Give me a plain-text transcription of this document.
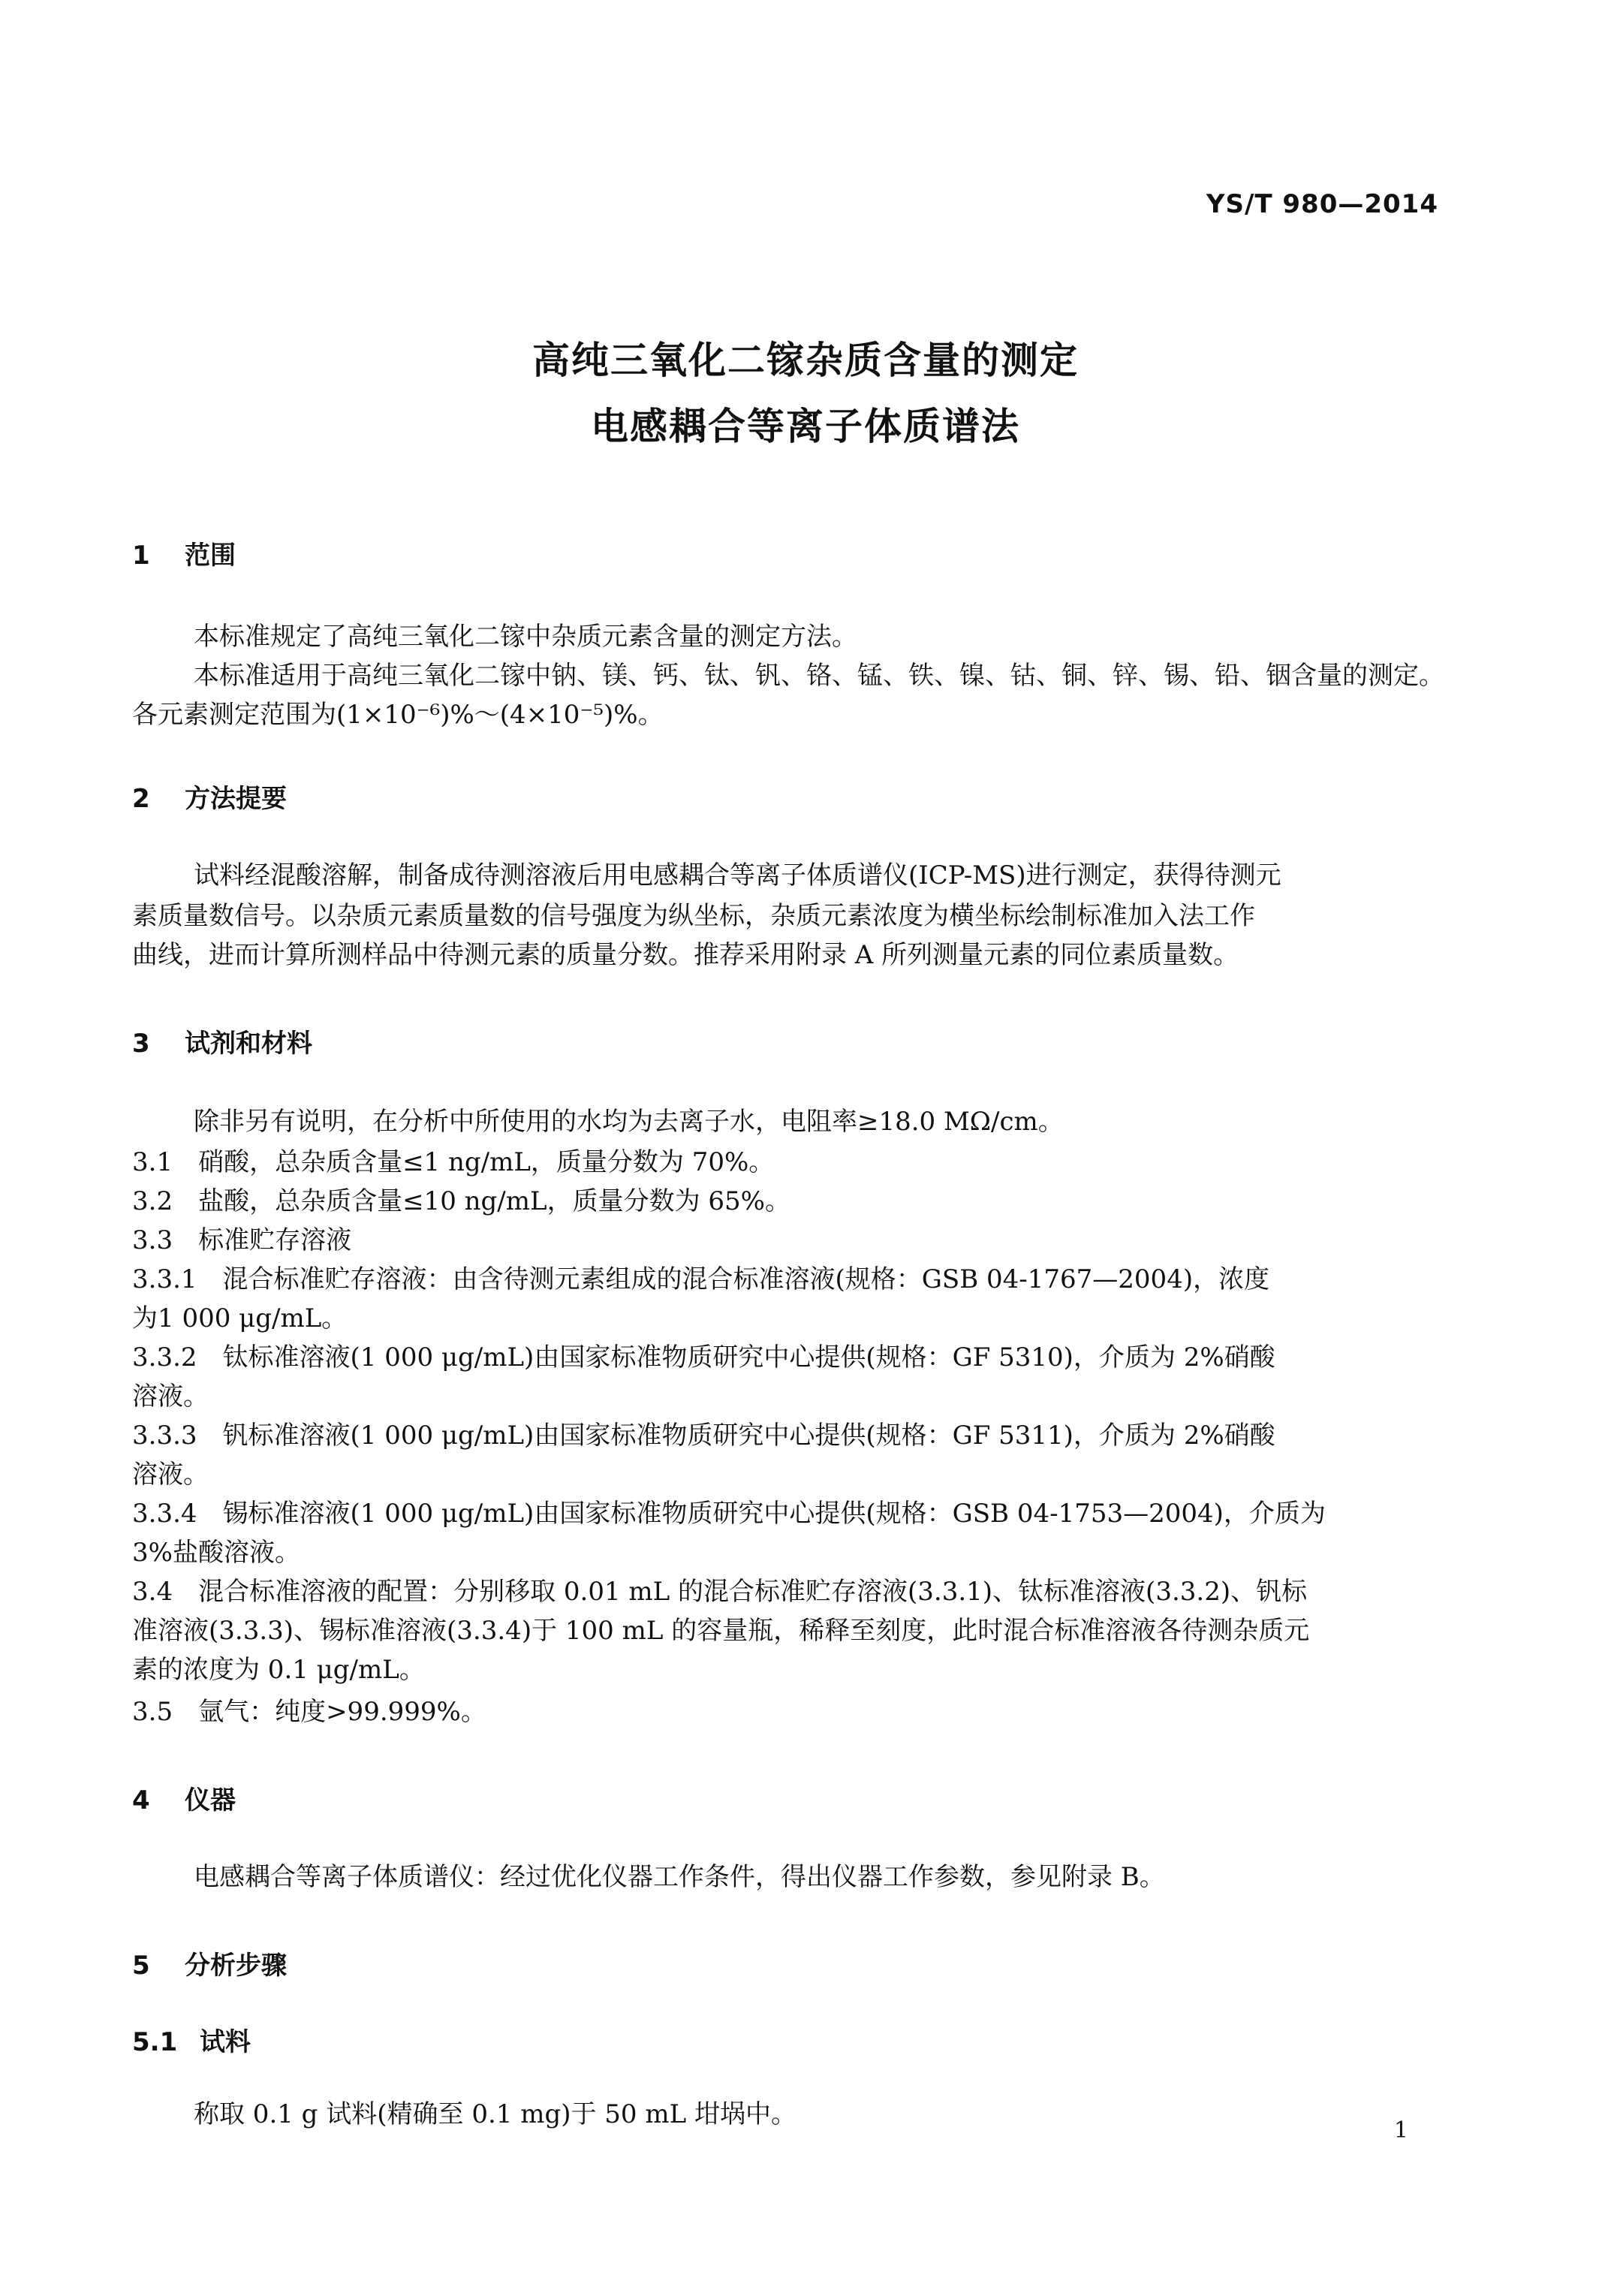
YS/T 980—2014
高纯三氧化二镓杂质含量的测定
电感耦合等离子体质谱法
1 范围
本标准规定了高纯三氧化二镓中杂质元素含量的测定方法。
本标准适用于高纯三氧化二镓中钠、镁、钙、钛、钒、铬、锰、铁、镍、钴、铜、锌、锡、铅、铟含量的测定。
各元素测定范围为(1×10⁻⁶)%～(4×10⁻⁵)%。
2 方法提要
试料经混酸溶解，制备成待测溶液后用电感耦合等离子体质谱仪(ICP-MS)进行测定，获得待测元
素质量数信号。以杂质元素质量数的信号强度为纵坐标，杂质元素浓度为横坐标绘制标准加入法工作
曲线，进而计算所测样品中待测元素的质量分数。推荐采用附录 A 所列测量元素的同位素质量数。
3 试剂和材料
除非另有说明，在分析中所使用的水均为去离子水，电阻率≥18.0 MΩ/cm。
3.1　硝酸，总杂质含量≤1 ng/mL，质量分数为 70%。
3.2　盐酸，总杂质含量≤10 ng/mL，质量分数为 65%。
3.3　标准贮存溶液
3.3.1　混合标准贮存溶液：由含待测元素组成的混合标准溶液(规格：GSB 04-1767—2004)，浓度
为1 000 μg/mL。
3.3.2　钛标准溶液(1 000 μg/mL)由国家标准物质研究中心提供(规格：GF 5310)，介质为 2%硝酸
溶液。
3.3.3　钒标准溶液(1 000 μg/mL)由国家标准物质研究中心提供(规格：GF 5311)，介质为 2%硝酸
溶液。
3.3.4　锡标准溶液(1 000 μg/mL)由国家标准物质研究中心提供(规格：GSB 04-1753—2004)，介质为
3%盐酸溶液。
3.4　混合标准溶液的配置：分别移取 0.01 mL 的混合标准贮存溶液(3.3.1)、钛标准溶液(3.3.2)、钒标
准溶液(3.3.3)、锡标准溶液(3.3.4)于 100 mL 的容量瓶，稀释至刻度，此时混合标准溶液各待测杂质元
素的浓度为 0.1 μg/mL。
3.5　氩气：纯度>99.999%。
4 仪器
电感耦合等离子体质谱仪：经过优化仪器工作条件，得出仪器工作参数，参见附录 B。
5 分析步骤
5.1 试料
称取 0.1 g 试料(精确至 0.1 mg)于 50 mL 坩埚中。
1
